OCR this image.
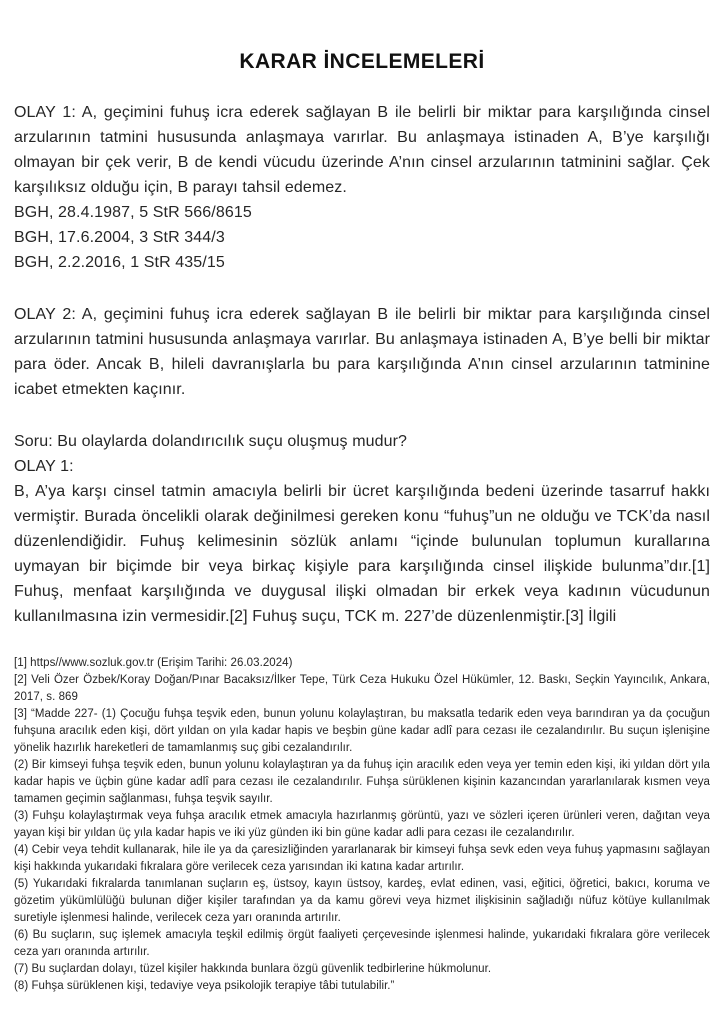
KARAR İNCELEMELERİ

OLAY 1: A, geçimini fuhuş icra ederek sağlayan B ile belirli bir miktar para karşılığında cinsel arzularının tatmini hususunda anlaşmaya varırlar. Bu anlaşmaya istinaden A, B’ye karşılığı olmayan bir çek verir, B de kendi vücudu üzerinde A’nın cinsel arzularının tatminini sağlar. Çek karşılıksız olduğu için, B parayı tahsil edemez.

BGH, 28.4.1987, 5 StR 566/8615
BGH, 17.6.2004, 3 StR 344/3
BGH, 2.2.2016, 1 StR 435/15

OLAY 2: A, geçimini fuhuş icra ederek sağlayan B ile belirli bir miktar para karşılığında cinsel arzularının tatmini hususunda anlaşmaya varırlar. Bu anlaşmaya istinaden A, B’ye belli bir miktar para öder. Ancak B, hileli davranışlarla bu para karşılığında A’nın cinsel arzularının tatminine icabet etmekten kaçınır.

Soru: Bu olaylarda dolandırıcılık suçu oluşmuş mudur?
OLAY 1:

B, A’ya karşı cinsel tatmin amacıyla belirli bir ücret karşılığında bedeni üzerinde tasarruf hakkı vermiştir. Burada öncelikli olarak değinilmesi gereken konu “fuhuş”un ne olduğu ve TCK’da nasıl düzenlendiğidir. Fuhuş kelimesinin sözlük anlamı “içinde bulunulan toplumun kurallarına uymayan bir biçimde bir veya birkaç kişiyle para karşılığında cinsel ilişkide bulunma”dır.[1] Fuhuş, menfaat karşılığında ve duygusal ilişki olmadan bir erkek veya kadının vücudunun kullanılmasına izin vermesidir.[2] Fuhuş suçu, TCK m. 227’de düzenlenmiştir.[3] İlgili

[1] https//www.sozluk.gov.tr (Erişim Tarihi: 26.03.2024)

[2] Veli Özer Özbek/Koray Doğan/Pınar Bacaksız/İlker Tepe, Türk Ceza Hukuku Özel Hükümler, 12. Baskı, Seçkin Yayıncılık, Ankara, 2017, s. 869

[3] “Madde 227- (1) Çocuğu fuhşa teşvik eden, bunun yolunu kolaylaştıran, bu maksatla tedarik eden veya barındıran ya da çocuğun fuhşuna aracılık eden kişi, dört yıldan on yıla kadar hapis ve beşbin güne kadar adlî para cezası ile cezalandırılır. Bu suçun işlenişine yönelik hazırlık hareketleri de tamamlanmış suç gibi cezalandırılır.

(2) Bir kimseyi fuhşa teşvik eden, bunun yolunu kolaylaştıran ya da fuhuş için aracılık eden veya yer temin eden kişi, iki yıldan dört yıla kadar hapis ve üçbin güne kadar adlî para cezası ile cezalandırılır. Fuhşa sürüklenen kişinin kazancından yararlanılarak kısmen veya tamamen geçimin sağlanması, fuhşa teşvik sayılır.

(3) Fuhşu kolaylaştırmak veya fuhşa aracılık etmek amacıyla hazırlanmış görüntü, yazı ve sözleri içeren ürünleri veren, dağıtan veya yayan kişi bir yıldan üç yıla kadar hapis ve iki yüz günden iki bin güne kadar adli para cezası ile cezalandırılır.

(4) Cebir veya tehdit kullanarak, hile ile ya da çaresizliğinden yararlanarak bir kimseyi fuhşa sevk eden veya fuhuş yapmasını sağlayan kişi hakkında yukarıdaki fıkralara göre verilecek ceza yarısından iki katına kadar artırılır.

(5) Yukarıdaki fıkralarda tanımlanan suçların eş, üstsoy, kayın üstsoy, kardeş, evlat edinen, vasi, eğitici, öğretici, bakıcı, koruma ve gözetim yükümlülüğü bulunan diğer kişiler tarafından ya da kamu görevi veya hizmet ilişkisinin sağladığı nüfuz kötüye kullanılmak suretiyle işlenmesi halinde, verilecek ceza yarı oranında artırılır.

(6) Bu suçların, suç işlemek amacıyla teşkil edilmiş örgüt faaliyeti çerçevesinde işlenmesi halinde, yukarıdaki fıkralara göre verilecek ceza yarı oranında artırılır.

(7) Bu suçlardan dolayı, tüzel kişiler hakkında bunlara özgü güvenlik tedbirlerine hükmolunur.

(8) Fuhşa sürüklenen kişi, tedaviye veya psikolojik terapiye tâbi tutulabilir.”
